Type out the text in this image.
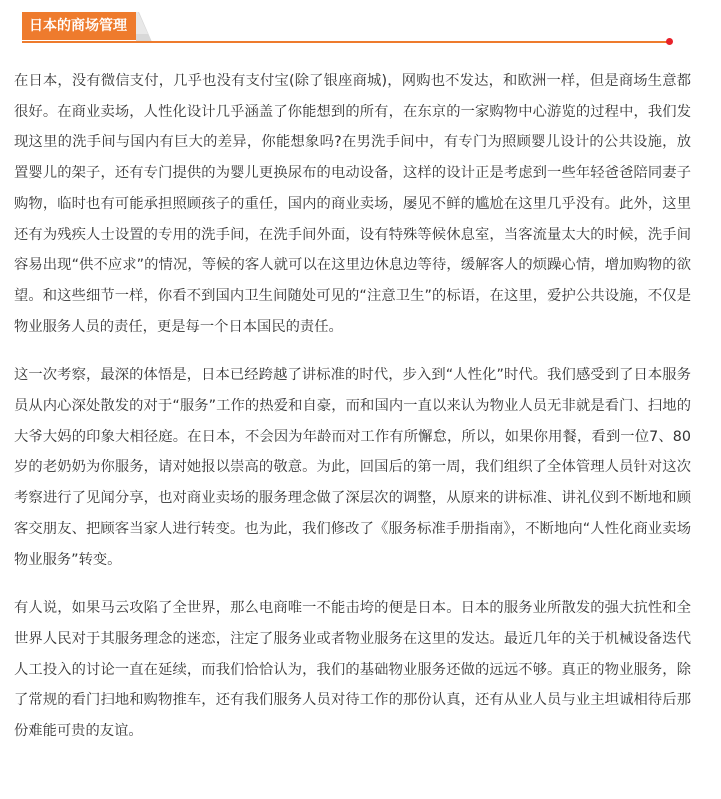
日本的商场管理

在日本，没有微信支付，几乎也没有支付宝(除了银座商城)，网购也不发达，和欧洲一样，但是商场生意都很好。在商业卖场，人性化设计几乎涵盖了你能想到的所有，在东京的一家购物中心游览的过程中，我们发现这里的洗手间与国内有巨大的差异，你能想象吗?在男洗手间中，有专门为照顾婴儿设计的公共设施，放置婴儿的架子，还有专门提供的为婴儿更换尿布的电动设备，这样的设计正是考虑到一些年轻爸爸陪同妻子购物，临时也有可能承担照顾孩子的重任，国内的商业卖场，屡见不鲜的尴尬在这里几乎没有。此外，这里还有为残疾人士设置的专用的洗手间，在洗手间外面，设有特殊等候休息室，当客流量太大的时候，洗手间容易出现“供不应求”的情况，等候的客人就可以在这里边休息边等待，缓解客人的烦躁心情，增加购物的欲望。和这些细节一样，你看不到国内卫生间随处可见的“注意卫生”的标语，在这里，爱护公共设施，不仅是物业服务人员的责任，更是每一个日本国民的责任。

这一次考察，最深的体悟是，日本已经跨越了讲标准的时代，步入到“人性化”时代。我们感受到了日本服务员从内心深处散发的对于“服务”工作的热爱和自豪，而和国内一直以来认为物业人员无非就是看门、扫地的大爷大妈的印象大相径庭。在日本，不会因为年龄而对工作有所懈怠，所以，如果你用餐，看到一位7、80岁的老奶奶为你服务，请对她报以崇高的敬意。为此，回国后的第一周，我们组织了全体管理人员针对这次考察进行了见闻分享，也对商业卖场的服务理念做了深层次的调整，从原来的讲标准、讲礼仪到不断地和顾客交朋友、把顾客当家人进行转变。也为此，我们修改了《服务标准手册指南》，不断地向“人性化商业卖场物业服务”转变。

有人说，如果马云攻陷了全世界，那么电商唯一不能击垮的便是日本。日本的服务业所散发的强大抗性和全世界人民对于其服务理念的迷恋，注定了服务业或者物业服务在这里的发达。最近几年的关于机械设备迭代人工投入的讨论一直在延续，而我们恰恰认为，我们的基础物业服务还做的远远不够。真正的物业服务，除了常规的看门扫地和购物推车，还有我们服务人员对待工作的那份认真，还有从业人员与业主坦诚相待后那份难能可贵的友谊。
